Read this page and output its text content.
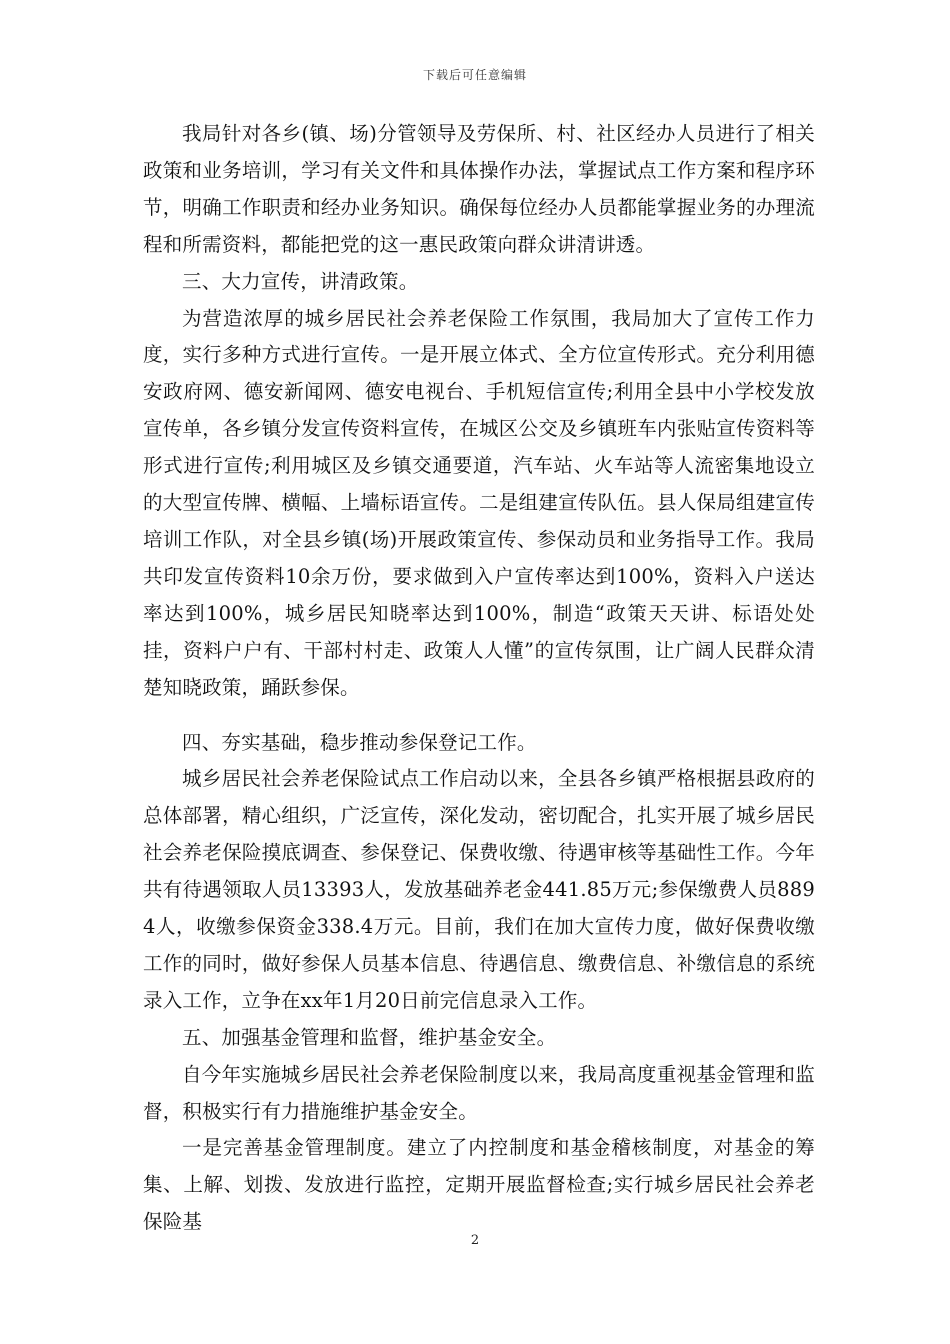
下载后可任意编辑

我局针对各乡(镇、场)分管领导及劳保所、村、社区经办人员进行了相关政策和业务培训，学习有关文件和具体操作办法，掌握试点工作方案和程序环节，明确工作职责和经办业务知识。确保每位经办人员都能掌握业务的办理流程和所需资料，都能把党的这一惠民政策向群众讲清讲透。

三、大力宣传，讲清政策。

为营造浓厚的城乡居民社会养老保险工作氛围，我局加大了宣传工作力度，实行多种方式进行宣传。一是开展立体式、全方位宣传形式。充分利用德安政府网、德安新闻网、德安电视台、手机短信宣传;利用全县中小学校发放宣传单，各乡镇分发宣传资料宣传，在城区公交及乡镇班车内张贴宣传资料等形式进行宣传;利用城区及乡镇交通要道，汽车站、火车站等人流密集地设立的大型宣传牌、横幅、上墙标语宣传。二是组建宣传队伍。县人保局组建宣传培训工作队，对全县乡镇(场)开展政策宣传、参保动员和业务指导工作。我局共印发宣传资料10余万份，要求做到入户宣传率达到100%，资料入户送达率达到100%，城乡居民知晓率达到100%，制造“政策天天讲、标语处处挂，资料户户有、干部村村走、政策人人懂”的宣传氛围，让广阔人民群众清楚知晓政策，踊跃参保。

四、夯实基础，稳步推动参保登记工作。

城乡居民社会养老保险试点工作启动以来，全县各乡镇严格根据县政府的总体部署，精心组织，广泛宣传，深化发动，密切配合，扎实开展了城乡居民社会养老保险摸底调查、参保登记、保费收缴、待遇审核等基础性工作。今年共有待遇领取人员13393人，发放基础养老金441.85万元;参保缴费人员8894人，收缴参保资金338.4万元。目前，我们在加大宣传力度，做好保费收缴工作的同时，做好参保人员基本信息、待遇信息、缴费信息、补缴信息的系统录入工作，立争在xx年1月20日前完信息录入工作。

五、加强基金管理和监督，维护基金安全。

自今年实施城乡居民社会养老保险制度以来，我局高度重视基金管理和监督，积极实行有力措施维护基金安全。

一是完善基金管理制度。建立了内控制度和基金稽核制度，对基金的筹集、上解、划拨、发放进行监控，定期开展监督检查;实行城乡居民社会养老保险基

2
